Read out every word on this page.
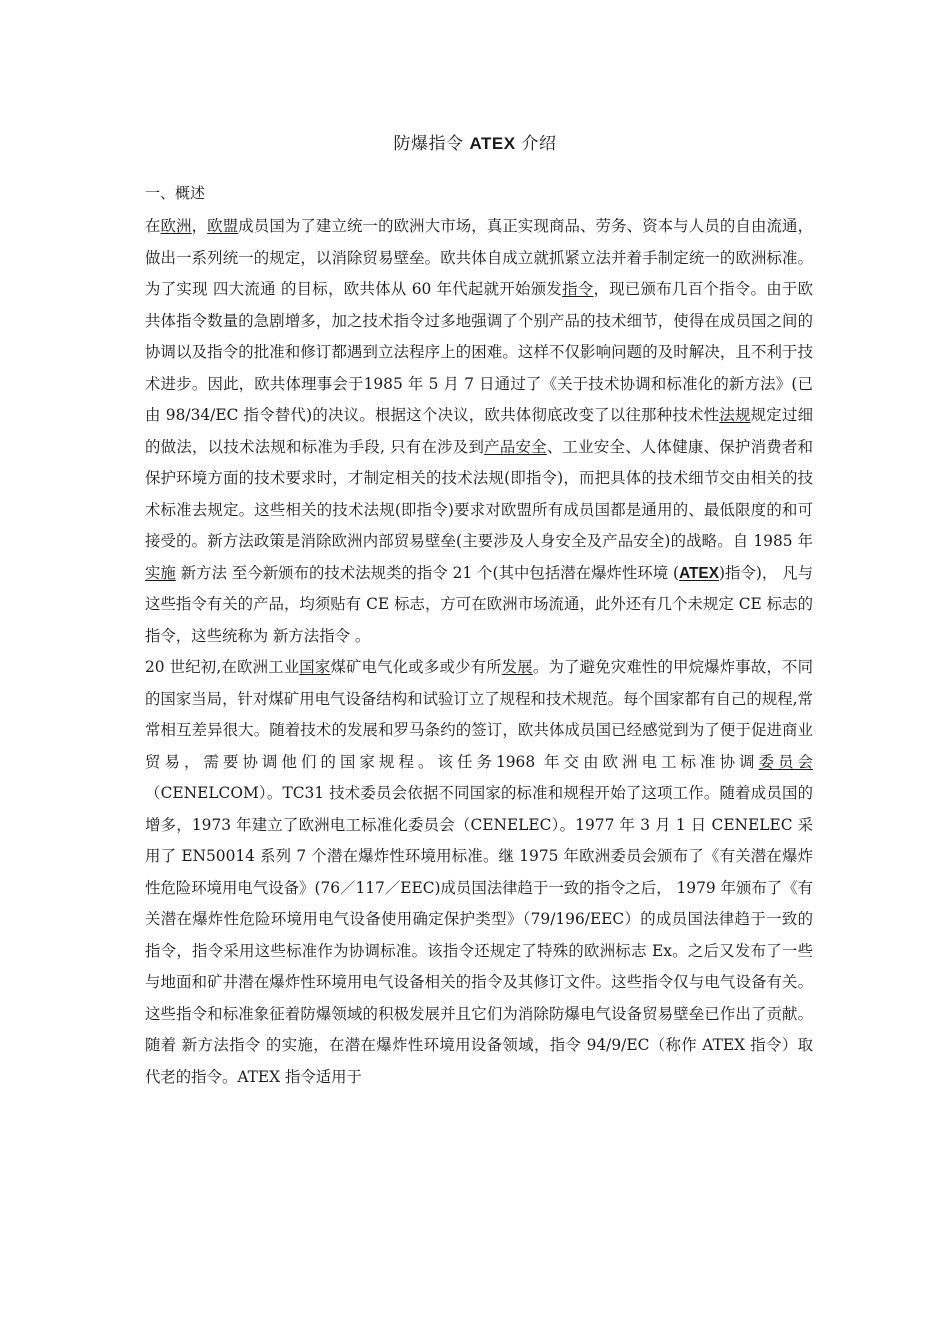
防爆指令 ATEX 介绍
一、概述

在欧洲，欧盟成员国为了建立统一的欧洲大市场，真正实现商品、劳务、资本与人员的自由流通，做出一系列统一的规定，以消除贸易壁垒。欧共体自成立就抓紧立法并着手制定统一的欧洲标准。为了实现 四大流通 的目标，欧共体从 60 年代起就开始颁发指令，现已颁布几百个指令。由于欧共体指令数量的急剧增多，加之技术指令过多地强调了个别产品的技术细节，使得在成员国之间的协调以及指令的批准和修订都遇到立法程序上的困难。这样不仅影响问题的及时解决，且不利于技术进步。因此，欧共体理事会于1985 年 5 月 7 日通过了《关于技术协调和标准化的新方法》(已由 98/34/EC 指令替代)的决议。根据这个决议，欧共体彻底改变了以往那种技术性法规规定过细的做法，以技术法规和标准为手段, 只有在涉及到产品安全、工业安全、人体健康、保护消费者和保护环境方面的技术要求时，才制定相关的技术法规(即指令)，而把具体的技术细节交由相关的技术标准去规定。这些相关的技术法规(即指令)要求对欧盟所有成员国都是通用的、最低限度的和可接受的。新方法政策是消除欧洲内部贸易壁垒(主要涉及人身安全及产品安全)的战略。自 1985 年实施 新方法 至今新颁布的技术法规类的指令 21 个(其中包括潜在爆炸性环境 (ATEX)指令)， 凡与这些指令有关的产品，均须贴有 CE 标志，方可在欧洲市场流通，此外还有几个未规定 CE 标志的指令，这些统称为 新方法指令 。

20 世纪初,在欧洲工业国家煤矿电气化或多或少有所发展。为了避免灾难性的甲烷爆炸事故，不同的国家当局，针对煤矿用电气设备结构和试验订立了规程和技术规范。每个国家都有自己的规程,常常相互差异很大。随着技术的发展和罗马条约的签订，欧共体成员国已经感觉到为了便于促进商业贸易，需要协调他们的国家规程。该任务1968 年交由欧洲电工标准协调委员会（CENELCOM）。TC31 技术委员会依据不同国家的标准和规程开始了这项工作。随着成员国的增多，1973 年建立了欧洲电工标准化委员会（CENELEC）。1977 年 3 月 1 日 CENELEC 采用了 EN50014 系列 7 个潜在爆炸性环境用标准。继 1975 年欧洲委员会颁布了《有关潜在爆炸性危险环境用电气设备》(76／117／EEC)成员国法律趋于一致的指令之后， 1979 年颁布了《有关潜在爆炸性危险环境用电气设备使用确定保护类型》（79/196/EEC）的成员国法律趋于一致的指令，指令采用这些标准作为协调标准。该指令还规定了特殊的欧洲标志 Ex。之后又发布了一些与地面和矿井潜在爆炸性环境用电气设备相关的指令及其修订文件。这些指令仅与电气设备有关。这些指令和标准象征着防爆领域的积极发展并且它们为消除防爆电气设备贸易壁垒已作出了贡献。随着 新方法指令 的实施，在潜在爆炸性环境用设备领域，指令 94/9/EC（称作 ATEX 指令）取代老的指令。ATEX 指令适用于
